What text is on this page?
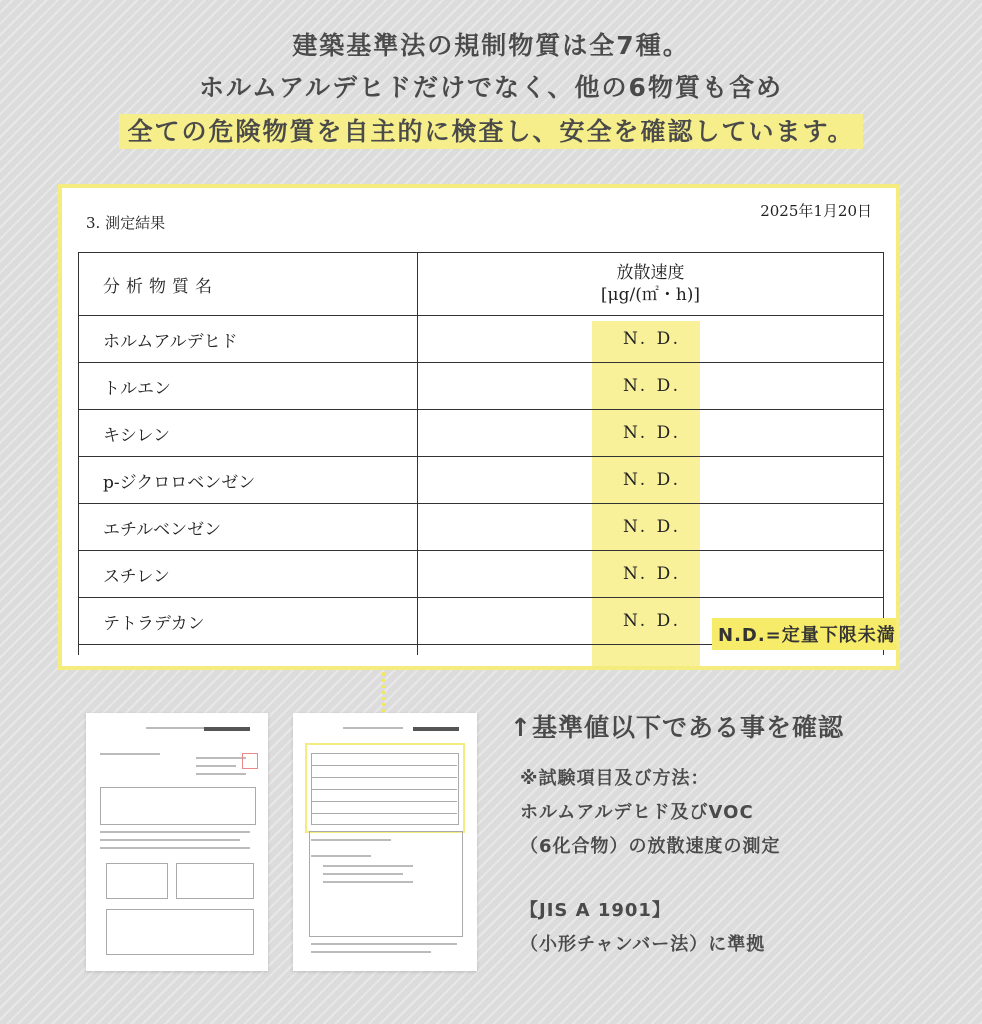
建築基準法の規制物質は全7種。
ホルムアルデヒドだけでなく、他の6物質も含め
全ての危険物質を自主的に検査し、安全を確認しています。
3. 測定結果
2025年1月20日
分析物質名	放散速度
[μg/(㎡・h)]

ホルムアルデヒド	N. D.
トルエン	N. D.
キシレン	N. D.
p-ジクロロベンゼン	N. D.
エチルベンゼン	N. D.
スチレン	N. D.
テトラデカン	N. D.

N.D.=定量下限未満
↑基準値以下である事を確認
※試験項目及び方法：
ホルムアルデヒド及びVOC
（6化合物）の放散速度の測定
【JIS A 1901】
（小形チャンバー法）に準拠
